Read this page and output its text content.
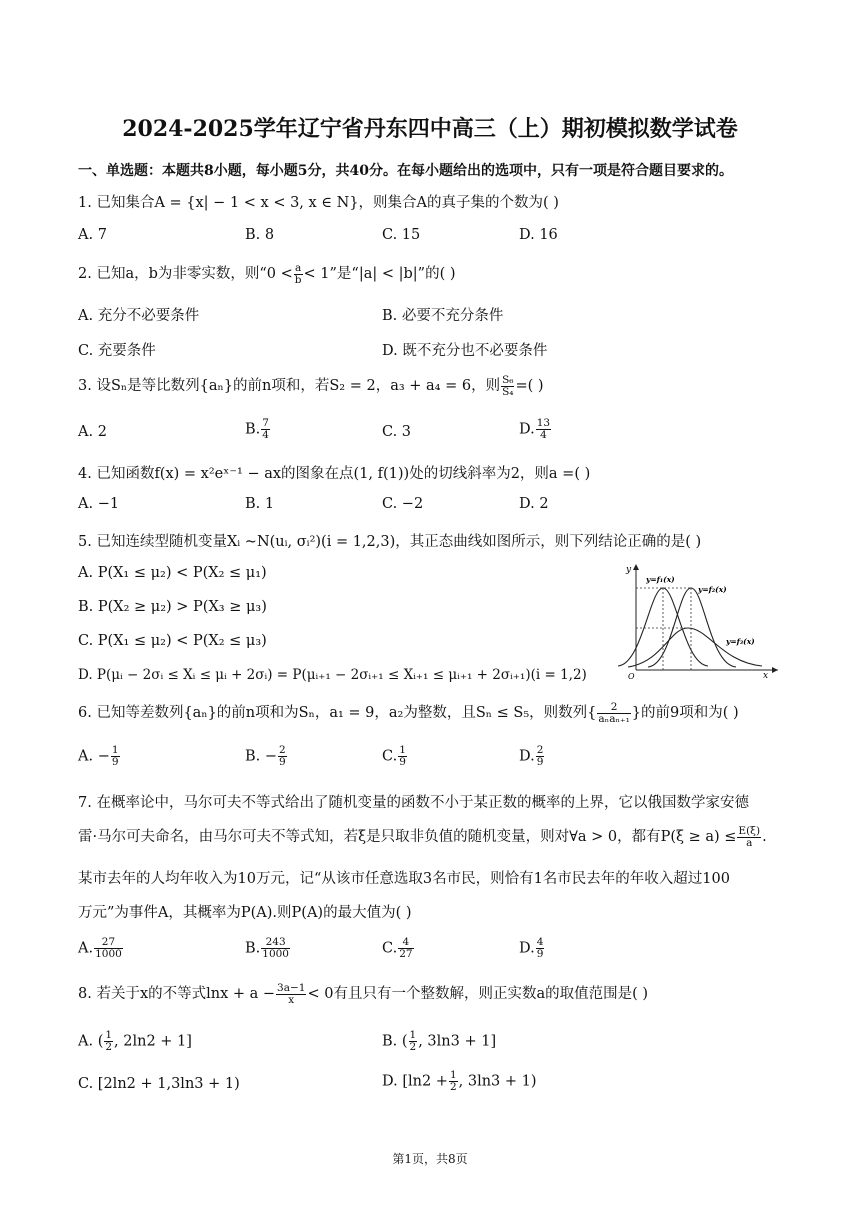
2024-2025学年辽宁省丹东四中高三（上）期初模拟数学试卷
一、单选题：本题共8小题，每小题5分，共40分。在每小题给出的选项中，只有一项是符合题目要求的。
1. 已知集合A = {x| − 1 < x < 3, x ∈ N}，则集合A的真子集的个数为( )
A. 7	B. 8	C. 15	D. 16
2. 已知a，b为非零实数，则“$0 < \frac{a}{b} < 1$”是“|a| < |b|”的( )
A. 充分不必要条件	B. 必要不充分条件
C. 充要条件	D. 既不充分也不必要条件
3. 设Sₙ是等比数列{aₙ}的前n项和，若S₂ = 2，a₃ + a₄ = 6，则 $\frac{\text{S₆}}{\text{S₄}}$ =( )
A. 2	B. $\frac{7}{4}$	C. 3	D. $\frac{13}{4}$
4. 已知函数f(x) = x²eˣ⁻¹ − ax的图象在点(1, f(1))处的切线斜率为2，则a =( )
A. −1	B. 1	C. −2	D. 2
5. 已知连续型随机变量Xᵢ ~N(uᵢ, σᵢ²)(i = 1,2,3)，其正态曲线如图所示，则下列结论正确的是( )
A. P(X₁ ≤ μ₂) < P(X₂ ≤ μ₁)
B. P(X₂ ≥ μ₂) > P(X₃ ≥ μ₃)
C. P(X₁ ≤ μ₂) < P(X₂ ≤ μ₃)
D. P(μᵢ − 2σᵢ ≤ Xᵢ ≤ μᵢ + 2σᵢ) = P(μᵢ₊₁ − 2σᵢ₊₁ ≤ Xᵢ₊₁ ≤ μᵢ₊₁ + 2σᵢ₊₁)(i = 1,2)
y
x
O
y=f₁(x)
y=f₂(x)
y=f₃(x)
6. 已知等差数列{aₙ}的前n项和为Sₙ，a₁ = 9，a₂为整数，且Sₙ ≤ S₅，则数列{ $\frac{2}{\text{aₙaₙ₊₁}}$ }的前9项和为( )
A. − $\frac{1}{9}$	B. − $\frac{2}{9}$	C. $\frac{1}{9}$	D. $\frac{2}{9}$
7. 在概率论中，马尔可夫不等式给出了随机变量的函数不小于某正数的概率的上界，它以俄国数学家安德
雷·马尔可夫命名，由马尔可夫不等式知，若ξ是只取非负值的随机变量，则对∀a > 0，都有$P(\xi \ge a) \le \frac{E(\xi)}{a}$ .
某市去年的人均年收入为10万元，记“从该市任意选取3名市民，则恰有1名市民去年的年收入超过100
万元”为事件A，其概率为P(A).则P(A)的最大值为( )
A. $\frac{27}{1000}$	B. $\frac{243}{1000}$	C. $\frac{4}{27}$	D. $\frac{4}{9}$
8. 若关于x的不等式$\ln x + a - \frac{3a-1}{x} < 0$有且只有一个整数解，则正实数a的取值范围是( )
A. ( $\frac{1}{2}$ , 2ln2 + 1]	B. ( $\frac{1}{2}$ , 3ln3 + 1]
C. [2ln2 + 1,3ln3 + 1)	D. [$\ln 2 + \frac{1}{2}$ , 3ln3 + 1)
第1页，共8页
